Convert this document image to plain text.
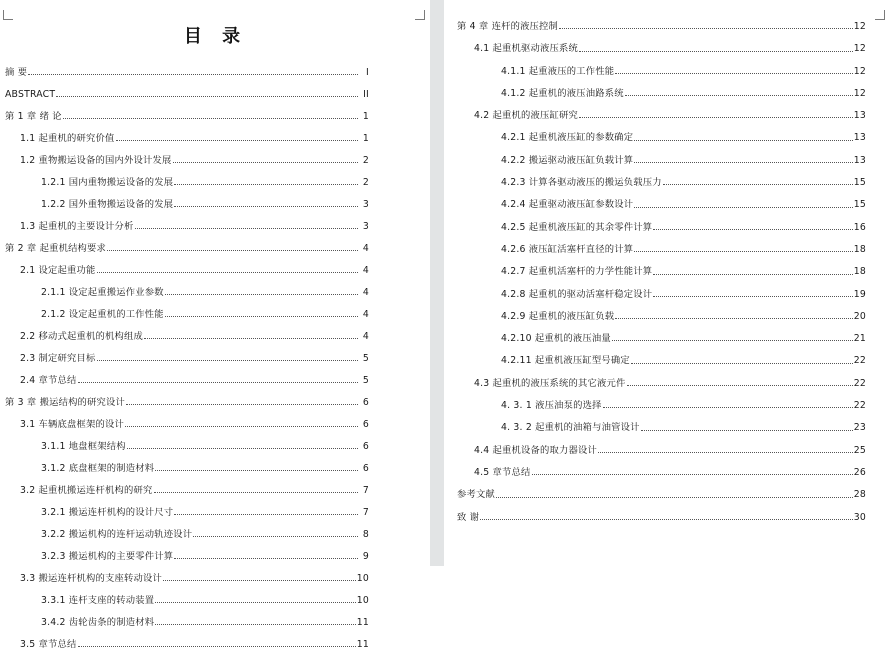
目 录
摘 要	I
ABSTRACT	II
第 1 章 绪 论	1
1.1 起重机的研究价值	1
1.2 重物搬运设备的国内外设计发展	2
1.2.1 国内重物搬运设备的发展	2
1.2.2 国外重物搬运设备的发展	3
1.3 起重机的主要设计分析	3
第 2 章 起重机结构要求	4
2.1 设定起重功能	4
2.1.1 设定起重搬运作业参数	4
2.1.2 设定起重机的工作性能	4
2.2 移动式起重机的机构组成	4
2.3 制定研究目标	5
2.4 章节总结	5
第 3 章 搬运结构的研究设计	6
3.1 车辆底盘框架的设计	6
3.1.1 地盘框架结构	6
3.1.2 底盘框架的制造材料	6
3.2 起重机搬运连杆机构的研究	7
3.2.1 搬运连杆机构的设计尺寸	7
3.2.2 搬运机构的连杆运动轨迹设计	8
3.2.3 搬运机构的主要零件计算	9
3.3 搬运连杆机构的支座转动设计	10
3.3.1 连杆支座的转动装置	10
3.4.2 齿轮齿条的制造材料	11
3.5 章节总结	11
第 4 章 连杆的液压控制	12
4.1 起重机驱动液压系统	12
4.1.1 起重液压的工作性能	12
4.1.2 起重机的液压油路系统	12
4.2 起重机的液压缸研究	13
4.2.1 起重机液压缸的参数确定	13
4.2.2 搬运驱动液压缸负载计算	13
4.2.3 计算各驱动液压的搬运负载压力	15
4.2.4 起重驱动液压缸参数设计	15
4.2.5 起重机液压缸的其余零件计算	16
4.2.6 液压缸活塞杆直径的计算	18
4.2.7 起重机活塞杆的力学性能计算	18
4.2.8 起重机的驱动活塞杆稳定设计	19
4.2.9 起重机的液压缸负载	20
4.2.10 起重机的液压油量	21
4.2.11 起重机液压缸型号确定	22
4.3 起重机的液压系统的其它液元件	22
4. 3. 1 液压油泵的选择	22
4. 3. 2 起重机的油箱与油管设计	23
4.4 起重机设备的取力器设计	25
4.5 章节总结	26
参考文献	28
致 谢	30
